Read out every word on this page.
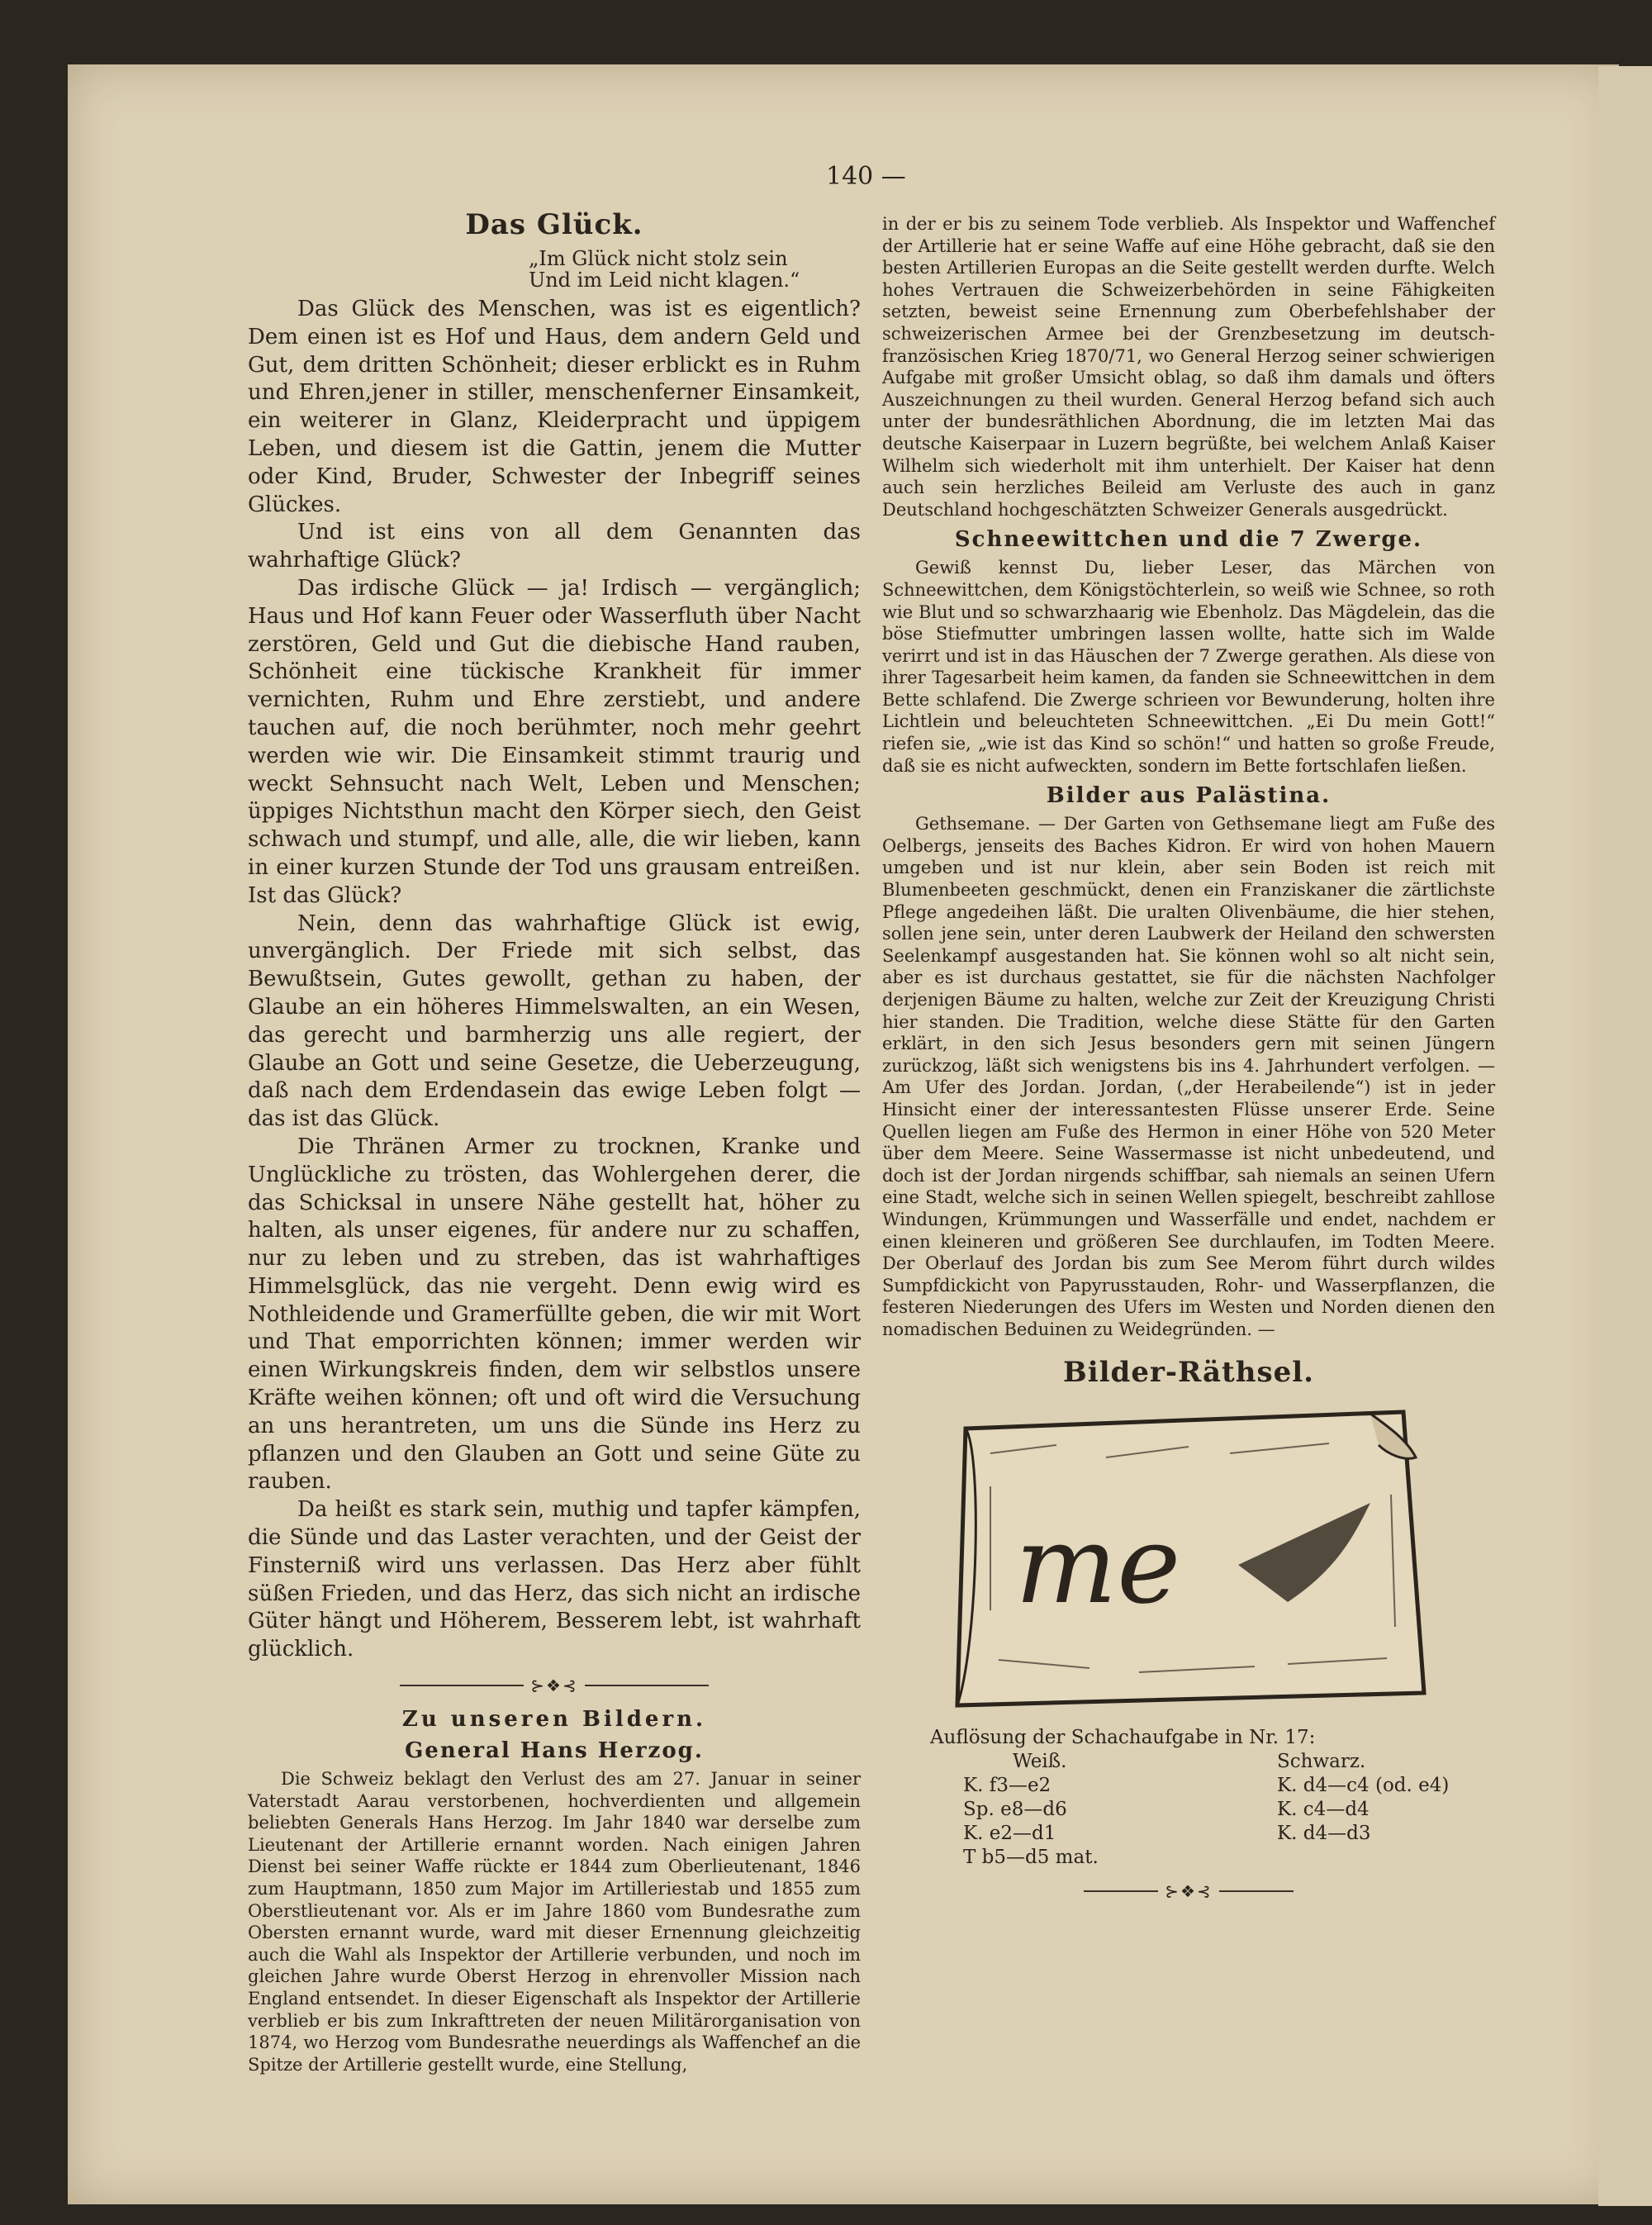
140 —
Das Glück.
„Im Glück nicht stolz sein
Und im Leid nicht klagen.“

Das Glück des Menschen, was ist es eigentlich? Dem einen ist es Hof und Haus, dem andern Geld und Gut, dem dritten Schönheit; dieser erblickt es in Ruhm und Ehren,jener in stiller, menschenferner Einsamkeit, ein weiterer in Glanz, Kleiderpracht und üppigem Leben, und diesem ist die Gattin, jenem die Mutter oder Kind, Bruder, Schwester der Inbegriff seines Glückes.

Und ist eins von all dem Genannten das wahrhaftige Glück?

Das irdische Glück — ja! Irdisch — vergänglich; Haus und Hof kann Feuer oder Wasserfluth über Nacht zerstören, Geld und Gut die diebische Hand rauben, Schönheit eine tückische Krankheit für immer vernichten, Ruhm und Ehre zerstiebt, und andere tauchen auf, die noch berühmter, noch mehr geehrt werden wie wir. Die Einsamkeit stimmt traurig und weckt Sehnsucht nach Welt, Leben und Menschen; üppiges Nichtsthun macht den Körper siech, den Geist schwach und stumpf, und alle, alle, die wir lieben, kann in einer kurzen Stunde der Tod uns grausam entreißen. Ist das Glück?

Nein, denn das wahrhaftige Glück ist ewig, unvergänglich. Der Friede mit sich selbst, das Bewußtsein, Gutes gewollt, gethan zu haben, der Glaube an ein höheres Himmelswalten, an ein Wesen, das gerecht und barmherzig uns alle regiert, der Glaube an Gott und seine Gesetze, die Ueberzeugung, daß nach dem Erdendasein das ewige Leben folgt — das ist das Glück.

Die Thränen Armer zu trocknen, Kranke und Unglückliche zu trösten, das Wohlergehen derer, die das Schicksal in unsere Nähe gestellt hat, höher zu halten, als unser eigenes, für andere nur zu schaffen, nur zu leben und zu streben, das ist wahrhaftiges Himmelsglück, das nie vergeht. Denn ewig wird es Nothleidende und Gramerfüllte geben, die wir mit Wort und That emporrichten können; immer werden wir einen Wirkungskreis finden, dem wir selbstlos unsere Kräfte weihen können; oft und oft wird die Versuchung an uns herantreten, um uns die Sünde ins Herz zu pflanzen und den Glauben an Gott und seine Güte zu rauben.

Da heißt es stark sein, muthig und tapfer kämpfen, die Sünde und das Laster verachten, und der Geist der Finsterniß wird uns verlassen. Das Herz aber fühlt süßen Frieden, und das Herz, das sich nicht an irdische Güter hängt und Höherem, Besserem lebt, ist wahrhaft glücklich.

⊱❖⊰
Zu unseren Bildern.
General Hans Herzog.

Die Schweiz beklagt den Verlust des am 27. Januar in seiner Vaterstadt Aarau verstorbenen, hochverdienten und allgemein beliebten Generals Hans Herzog. Im Jahr 1840 war derselbe zum Lieutenant der Artillerie ernannt worden. Nach einigen Jahren Dienst bei seiner Waffe rückte er 1844 zum Oberlieutenant, 1846 zum Hauptmann, 1850 zum Major im Artilleriestab und 1855 zum Oberstlieutenant vor. Als er im Jahre 1860 vom Bundesrathe zum Obersten ernannt wurde, ward mit dieser Ernennung gleichzeitig auch die Wahl als Inspektor der Artillerie verbunden, und noch im gleichen Jahre wurde Oberst Herzog in ehrenvoller Mission nach England entsendet. In dieser Eigenschaft als Inspektor der Artillerie verblieb er bis zum Inkrafttreten der neuen Militärorganisation von 1874, wo Herzog vom Bundesrathe neuerdings als Waffenchef an die Spitze der Artillerie gestellt wurde, eine Stellung,

in der er bis zu seinem Tode verblieb. Als Inspektor und Waffenchef der Artillerie hat er seine Waffe auf eine Höhe gebracht, daß sie den besten Artillerien Europas an die Seite gestellt werden durfte. Welch hohes Vertrauen die Schweizerbehörden in seine Fähigkeiten setzten, beweist seine Ernennung zum Oberbefehlshaber der schweizerischen Armee bei der Grenzbesetzung im deutsch-französischen Krieg 1870/71, wo General Herzog seiner schwierigen Aufgabe mit großer Umsicht oblag, so daß ihm damals und öfters Auszeichnungen zu theil wurden. General Herzog befand sich auch unter der bundesräthlichen Abordnung, die im letzten Mai das deutsche Kaiserpaar in Luzern begrüßte, bei welchem Anlaß Kaiser Wilhelm sich wiederholt mit ihm unterhielt. Der Kaiser hat denn auch sein herzliches Beileid am Verluste des auch in ganz Deutschland hochgeschätzten Schweizer Generals ausgedrückt.

Schneewittchen und die 7 Zwerge.

Gewiß kennst Du, lieber Leser, das Märchen von Schneewittchen, dem Königstöchterlein, so weiß wie Schnee, so roth wie Blut und so schwarzhaarig wie Ebenholz. Das Mägdelein, das die böse Stiefmutter umbringen lassen wollte, hatte sich im Walde verirrt und ist in das Häuschen der 7 Zwerge gerathen. Als diese von ihrer Tagesarbeit heim kamen, da fanden sie Schneewittchen in dem Bette schlafend. Die Zwerge schrieen vor Bewunderung, holten ihre Lichtlein und beleuchteten Schneewittchen. „Ei Du mein Gott!“ riefen sie, „wie ist das Kind so schön!“ und hatten so große Freude, daß sie es nicht aufweckten, sondern im Bette fortschlafen ließen.

Bilder aus Palästina.

Gethsemane. — Der Garten von Gethsemane liegt am Fuße des Oelbergs, jenseits des Baches Kidron. Er wird von hohen Mauern umgeben und ist nur klein, aber sein Boden ist reich mit Blumenbeeten geschmückt, denen ein Franziskaner die zärtlichste Pflege angedeihen läßt. Die uralten Olivenbäume, die hier stehen, sollen jene sein, unter deren Laubwerk der Heiland den schwersten Seelenkampf ausgestanden hat. Sie können wohl so alt nicht sein, aber es ist durchaus gestattet, sie für die nächsten Nachfolger derjenigen Bäume zu halten, welche zur Zeit der Kreuzigung Christi hier standen. Die Tradition, welche diese Stätte für den Garten erklärt, in den sich Jesus besonders gern mit seinen Jüngern zurückzog, läßt sich wenigstens bis ins 4. Jahrhundert verfolgen. — Am Ufer des Jordan. Jordan, („der Herabeilende“) ist in jeder Hinsicht einer der interessantesten Flüsse unserer Erde. Seine Quellen liegen am Fuße des Hermon in einer Höhe von 520 Meter über dem Meere. Seine Wassermasse ist nicht unbedeutend, und doch ist der Jordan nirgends schiffbar, sah niemals an seinen Ufern eine Stadt, welche sich in seinen Wellen spiegelt, beschreibt zahllose Windungen, Krümmungen und Wasserfälle und endet, nachdem er einen kleineren und größeren See durchlaufen, im Todten Meere. Der Oberlauf des Jordan bis zum See Merom führt durch wildes Sumpfdickicht von Papyrusstauden, Rohr- und Wasserpflanzen, die festeren Niederungen des Ufers im Westen und Norden dienen den nomadischen Beduinen zu Weidegründen. —

Bilder-Räthsel.
me
Auflösung der Schachaufgabe in Nr. 17:
Weiß.	Schwarz.
K. f3—e2	K. d4—c4 (od. e4)
Sp. e8—d6	K. c4—d4
K. e2—d1	K. d4—d3
T b5—d5 mat.
⊱❖⊰
